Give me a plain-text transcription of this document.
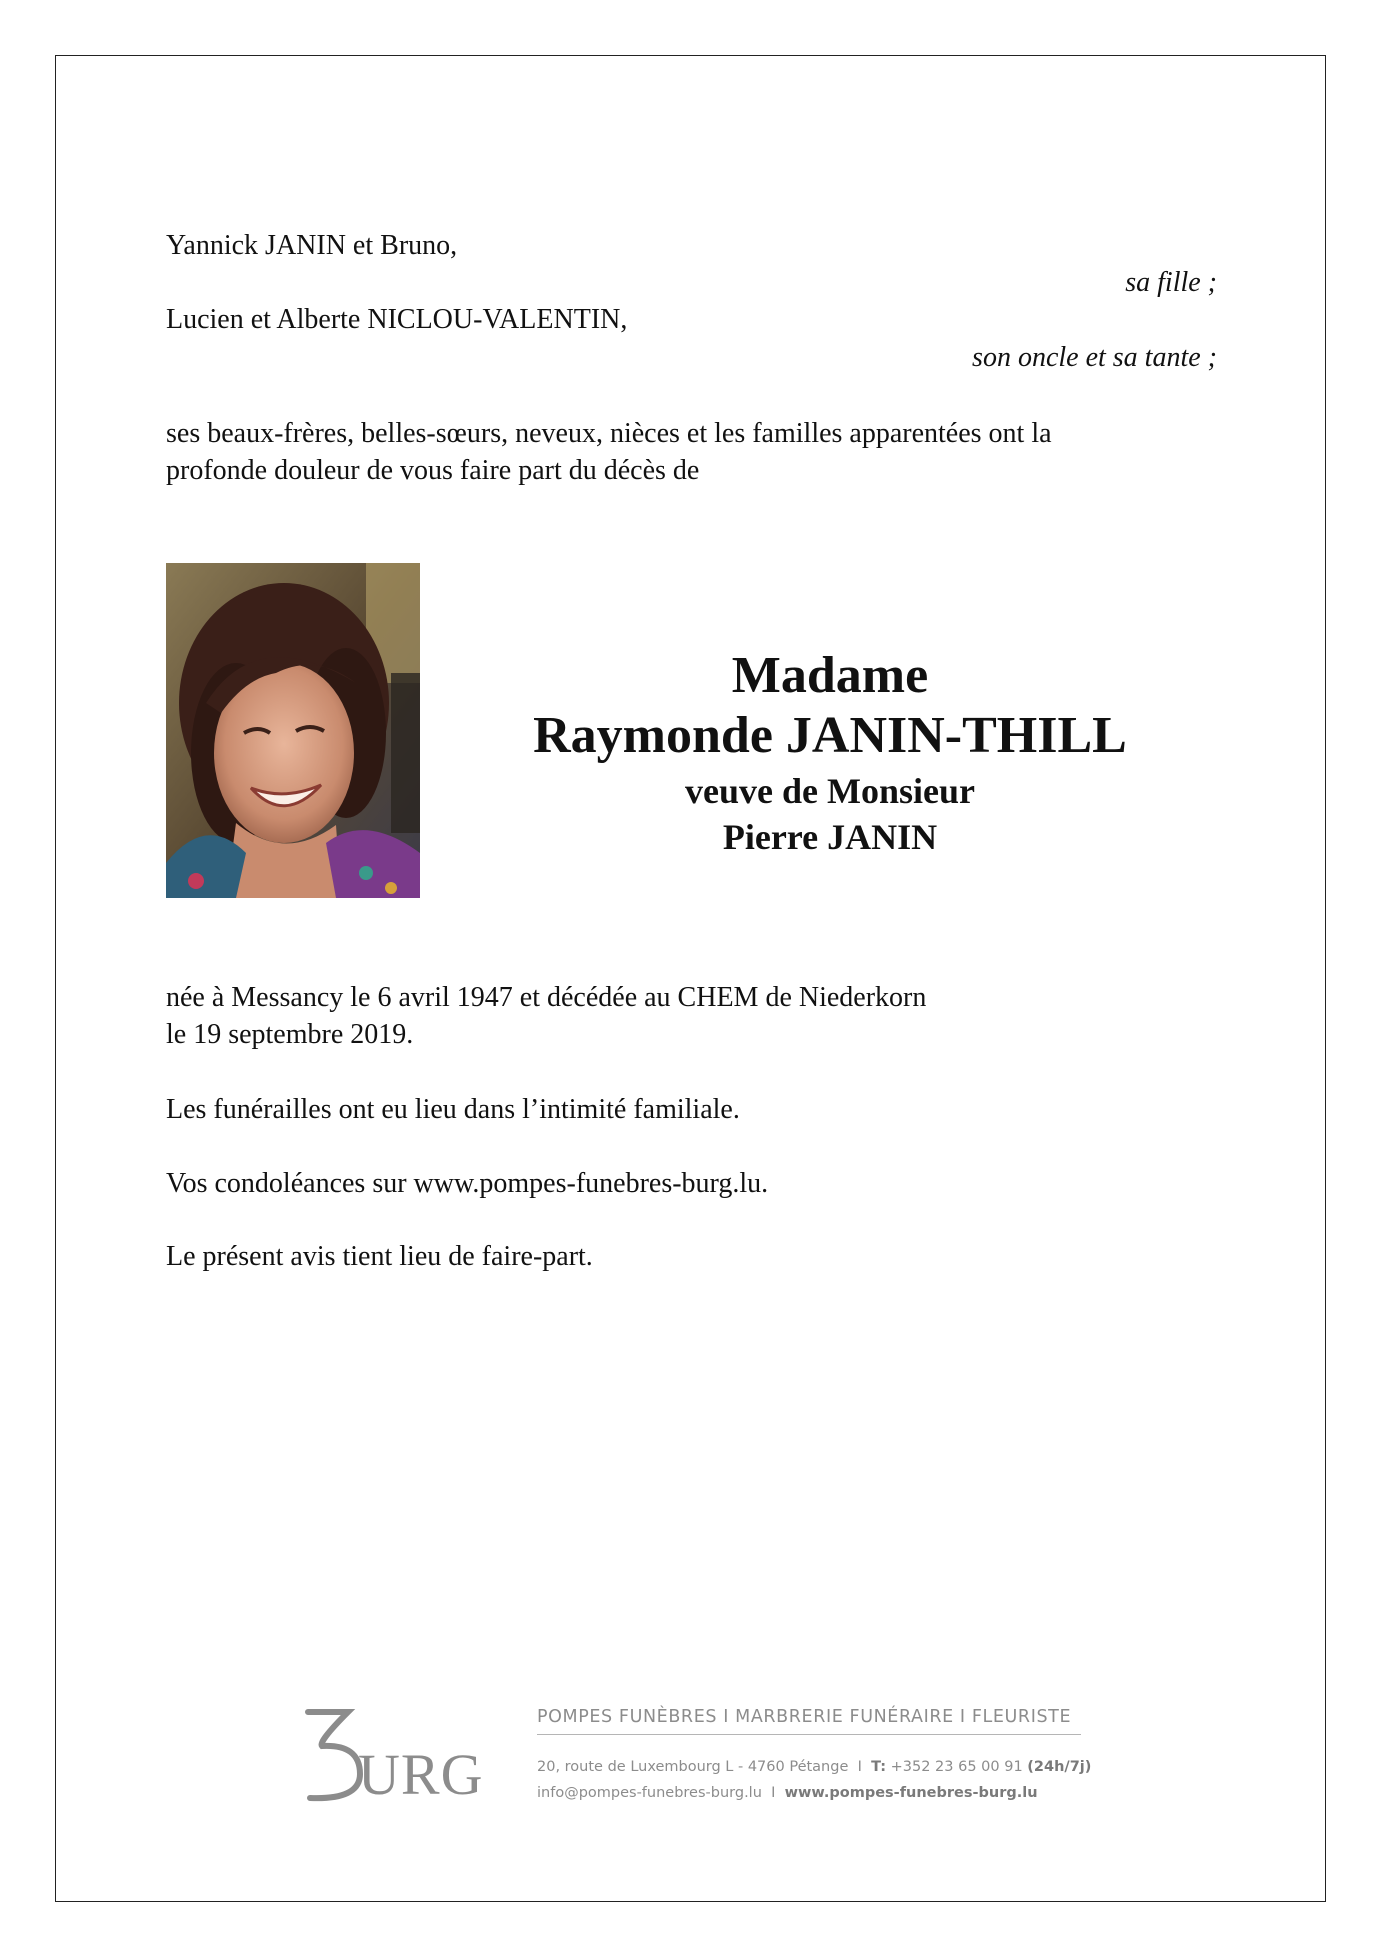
Yannick JANIN et Bruno,
sa fille ;
Lucien et Alberte NICLOU-VALENTIN,
son oncle et sa tante ;
ses beaux-frères, belles-sœurs, neveux, nièces et les familles apparentées ont la
profonde douleur de vous faire part du décès de
Madame
Raymonde JANIN-THILL
veuve de Monsieur
Pierre JANIN
née à Messancy le 6 avril 1947 et décédée au CHEM de Niederkorn
le 19 septembre 2019.
Les funérailles ont eu lieu dans l’intimité familiale.
Vos condoléances sur www.pompes-funebres-burg.lu.
Le présent avis tient lieu de faire-part.
URG
POMPES FUNÈBRES I MARBRERIE FUNÉRAIRE I FLEURISTE
20, route de Luxembourg L - 4760 Pétange I T: +352 23 65 00 91 (24h/7j)
info@pompes-funebres-burg.lu I www.pompes-funebres-burg.lu
